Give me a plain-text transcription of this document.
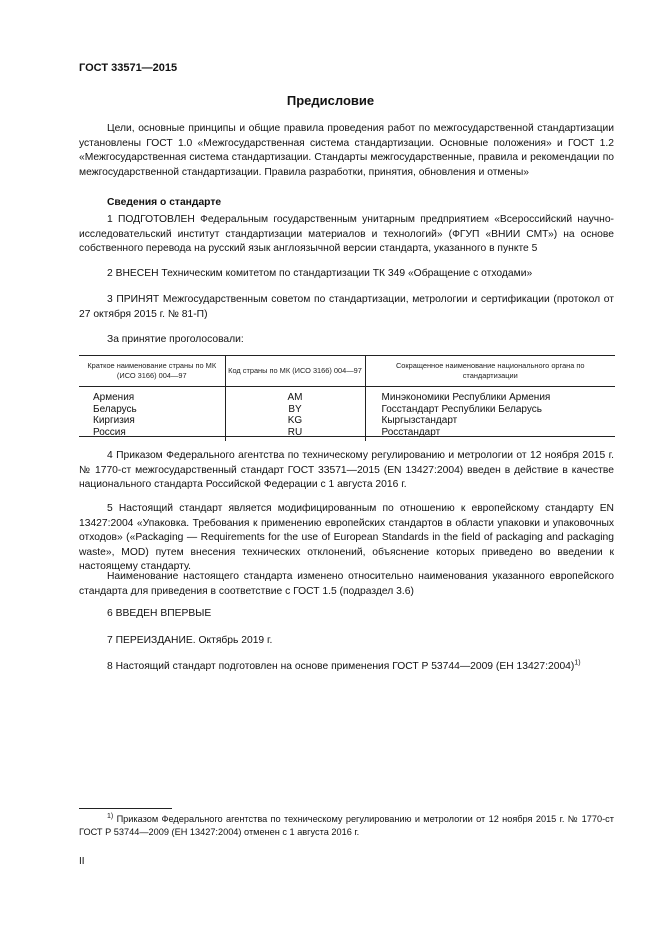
ГОСТ 33571—2015
Предисловие
Цели, основные принципы и общие правила проведения работ по межгосударственной стандартизации установлены ГОСТ 1.0 «Межгосударственная система стандартизации. Основные положения» и ГОСТ 1.2 «Межгосударственная система стандартизации. Стандарты межгосударственные, правила и рекомендации по межгосударственной стандартизации. Правила разработки, принятия, обновления и отмены»
Сведения о стандарте
1 ПОДГОТОВЛЕН Федеральным государственным унитарным предприятием «Всероссийский научно-исследовательский институт стандартизации материалов и технологий» (ФГУП «ВНИИ СМТ») на основе собственного перевода на русский язык англоязычной версии стандарта, указанного в пункте 5
2 ВНЕСЕН Техническим комитетом по стандартизации ТК 349 «Обращение с отходами»
3 ПРИНЯТ Межгосударственным советом по стандартизации, метрологии и сертификации (протокол от 27 октября 2015 г. № 81-П)
За принятие проголосовали:
Краткое наименование страны по МК (ИСО 3166) 004—97	Код страны по МК (ИСО 3166) 004—97	Сокращенное наименование национального органа по стандартизации
Армения	AM	Минэкономики Республики Армения
Беларусь	BY	Госстандарт Республики Беларусь
Киргизия	KG	Кыргызстандарт
Россия	RU	Росстандарт
4 Приказом Федерального агентства по техническому регулированию и метрологии от 12 ноября 2015 г. № 1770-ст межгосударственный стандарт ГОСТ 33571—2015 (EN 13427:2004) введен в действие в качестве национального стандарта Российской Федерации с 1 августа 2016 г.
5 Настоящий стандарт является модифицированным по отношению к европейскому стандарту EN 13427:2004 «Упаковка. Требования к применению европейских стандартов в области упаковки и упаковочных отходов» («Packaging — Requirements for the use of European Standards in the field of packaging and packaging waste», MOD) путем внесения технических отклонений, объяснение которых приведено во введении к настоящему стандарту.
Наименование настоящего стандарта изменено относительно наименования указанного европейского стандарта для приведения в соответствие с ГОСТ 1.5 (подраздел 3.6)
6 ВВЕДЕН ВПЕРВЫЕ
7 ПЕРЕИЗДАНИЕ. Октябрь 2019 г.
8 Настоящий стандарт подготовлен на основе применения ГОСТ Р 53744—2009 (ЕН 13427:2004)$^{1)}$
$^{1)}$ Приказом Федерального агентства по техническому регулированию и метрологии от 12 ноября 2015 г. № 1770-ст ГОСТ Р 53744—2009 (ЕН 13427:2004) отменен с 1 августа 2016 г.
II
